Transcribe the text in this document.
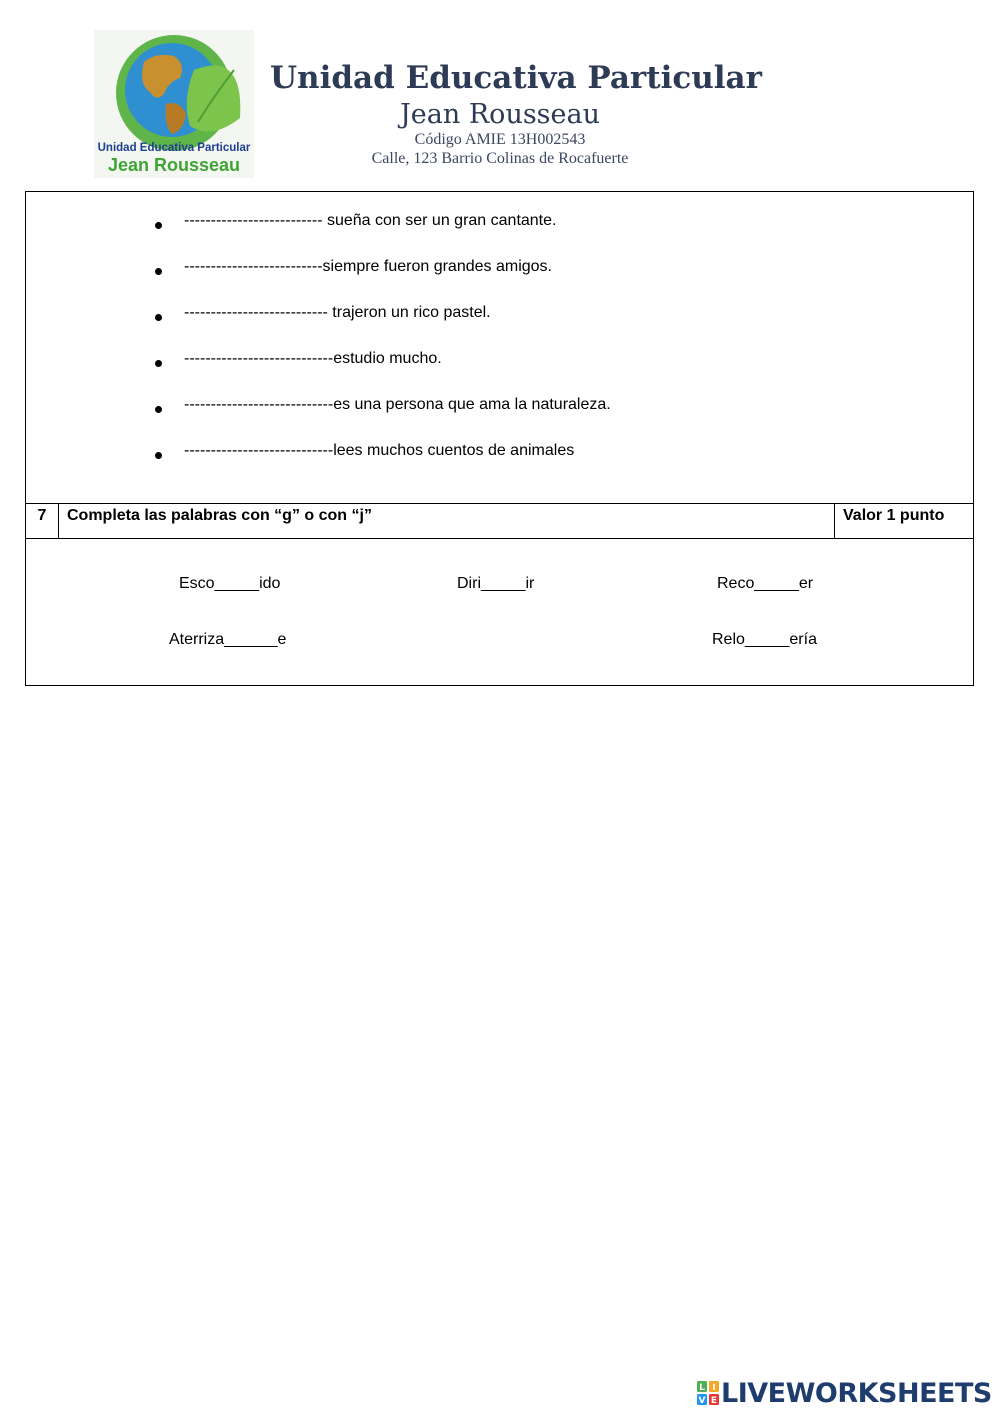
Unidad Educativa Particular
Jean Rousseau
Unidad Educativa Particular
Jean Rousseau
Código AMIE 13H002543
Calle, 123 Barrio Colinas de Rocafuerte
-------------------------- sueña con ser un gran cantante.
--------------------------siempre fueron grandes amigos.
--------------------------- trajeron un rico pastel.
----------------------------estudio mucho.
----------------------------es una persona que ama la naturaleza.
----------------------------lees muchos cuentos de animales
7	Completa las palabras con “g” o con “j”	Valor 1 punto
Esco_____ido	Diri_____ir	Reco_____er
Aterriza______e	Relo_____ería
L I
V E LIVEWORKSHEETS
